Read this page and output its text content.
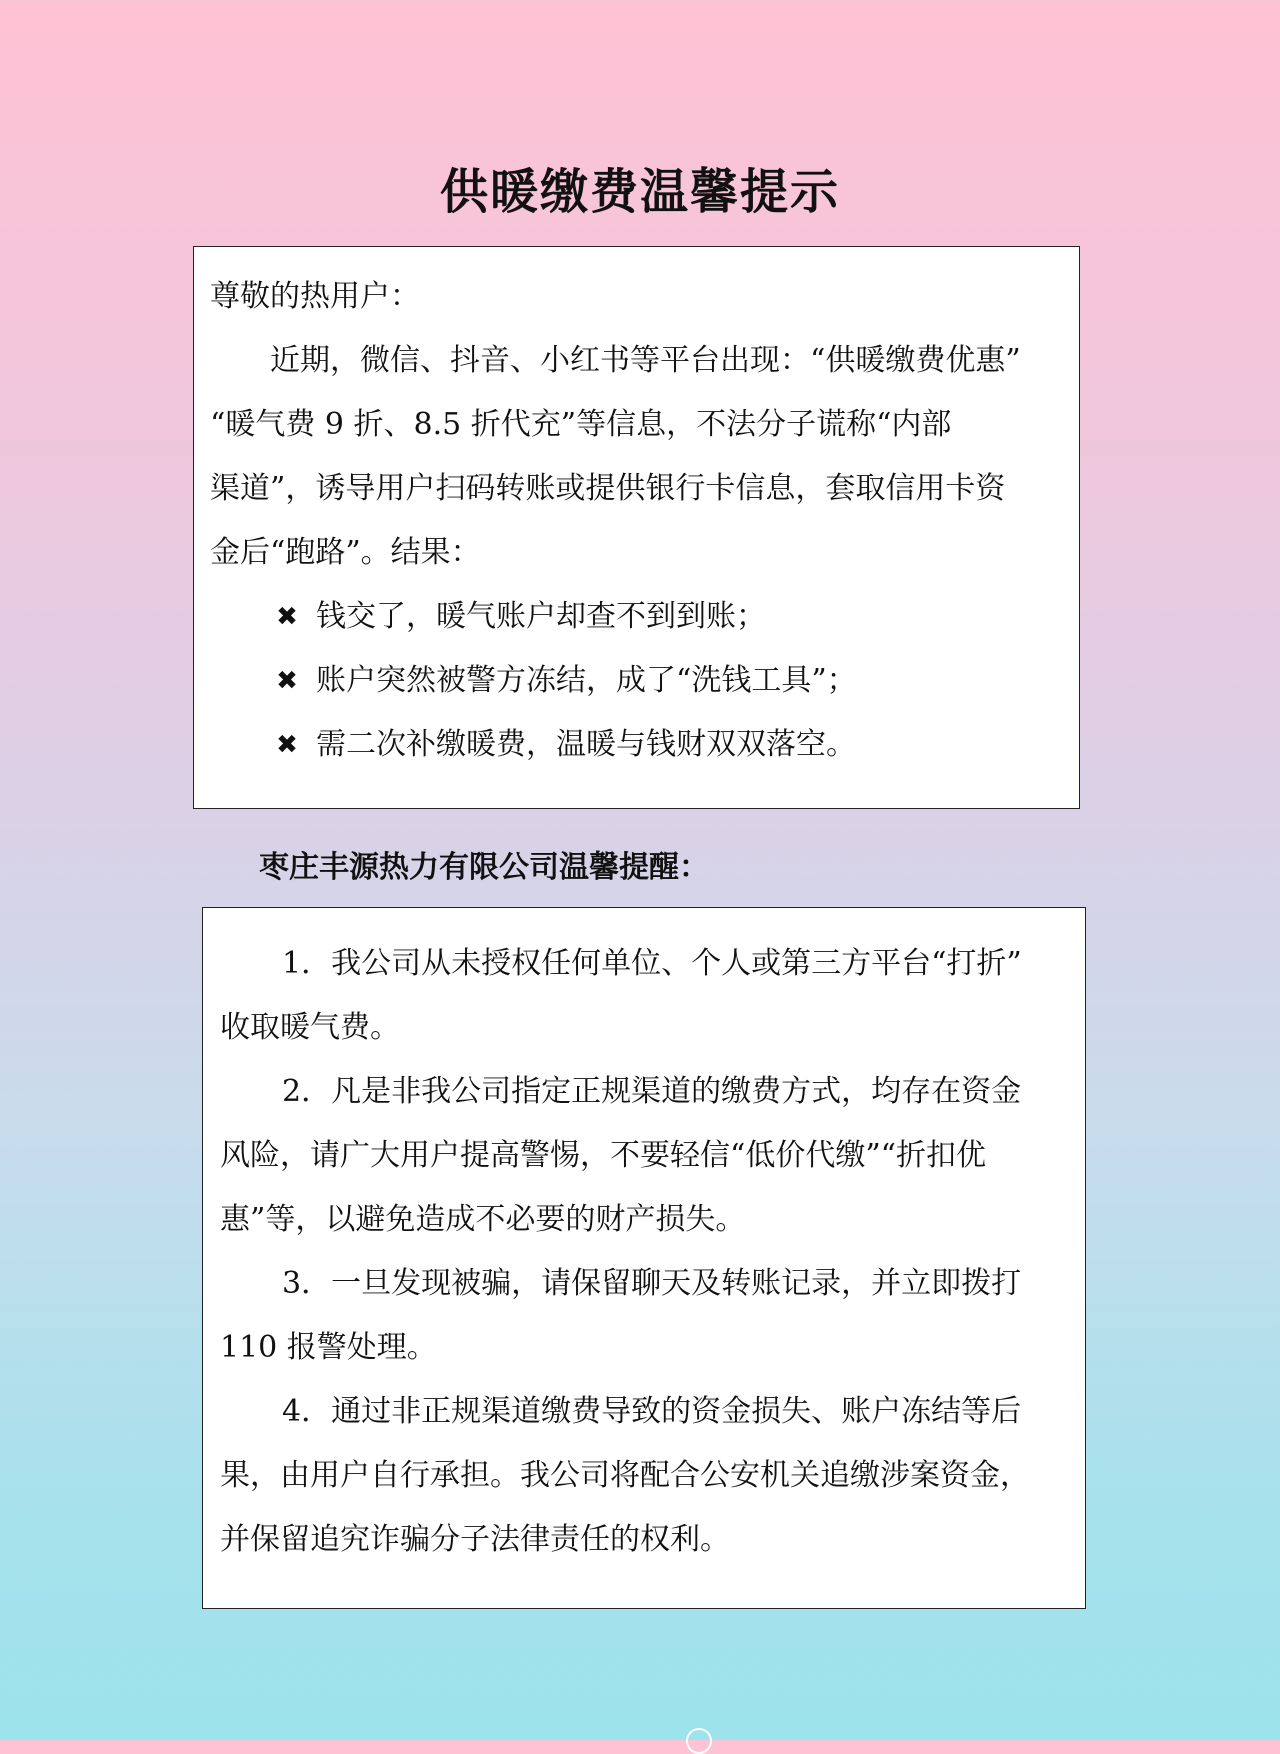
供暖缴费温馨提示
尊敬的热用户：
近期，微信、抖音、小红书等平台出现：“供暖缴费优惠”
“暖气费 9 折、8.5 折代充”等信息，不法分子谎称“内部
渠道”，诱导用户扫码转账或提供银行卡信息，套取信用卡资
金后“跑路”。结果：
✖ 钱交了，暖气账户却查不到到账；
✖ 账户突然被警方冻结，成了“洗钱工具”；
✖ 需二次补缴暖费，温暖与钱财双双落空。
枣庄丰源热力有限公司温馨提醒：
1．我公司从未授权任何单位、个人或第三方平台“打折”
收取暖气费。
2．凡是非我公司指定正规渠道的缴费方式，均存在资金
风险，请广大用户提高警惕，不要轻信“低价代缴”“折扣优
惠”等，以避免造成不必要的财产损失。
3．一旦发现被骗，请保留聊天及转账记录，并立即拨打
110 报警处理。
4．通过非正规渠道缴费导致的资金损失、账户冻结等后
果，由用户自行承担。我公司将配合公安机关追缴涉案资金，
并保留追究诈骗分子法律责任的权利。
